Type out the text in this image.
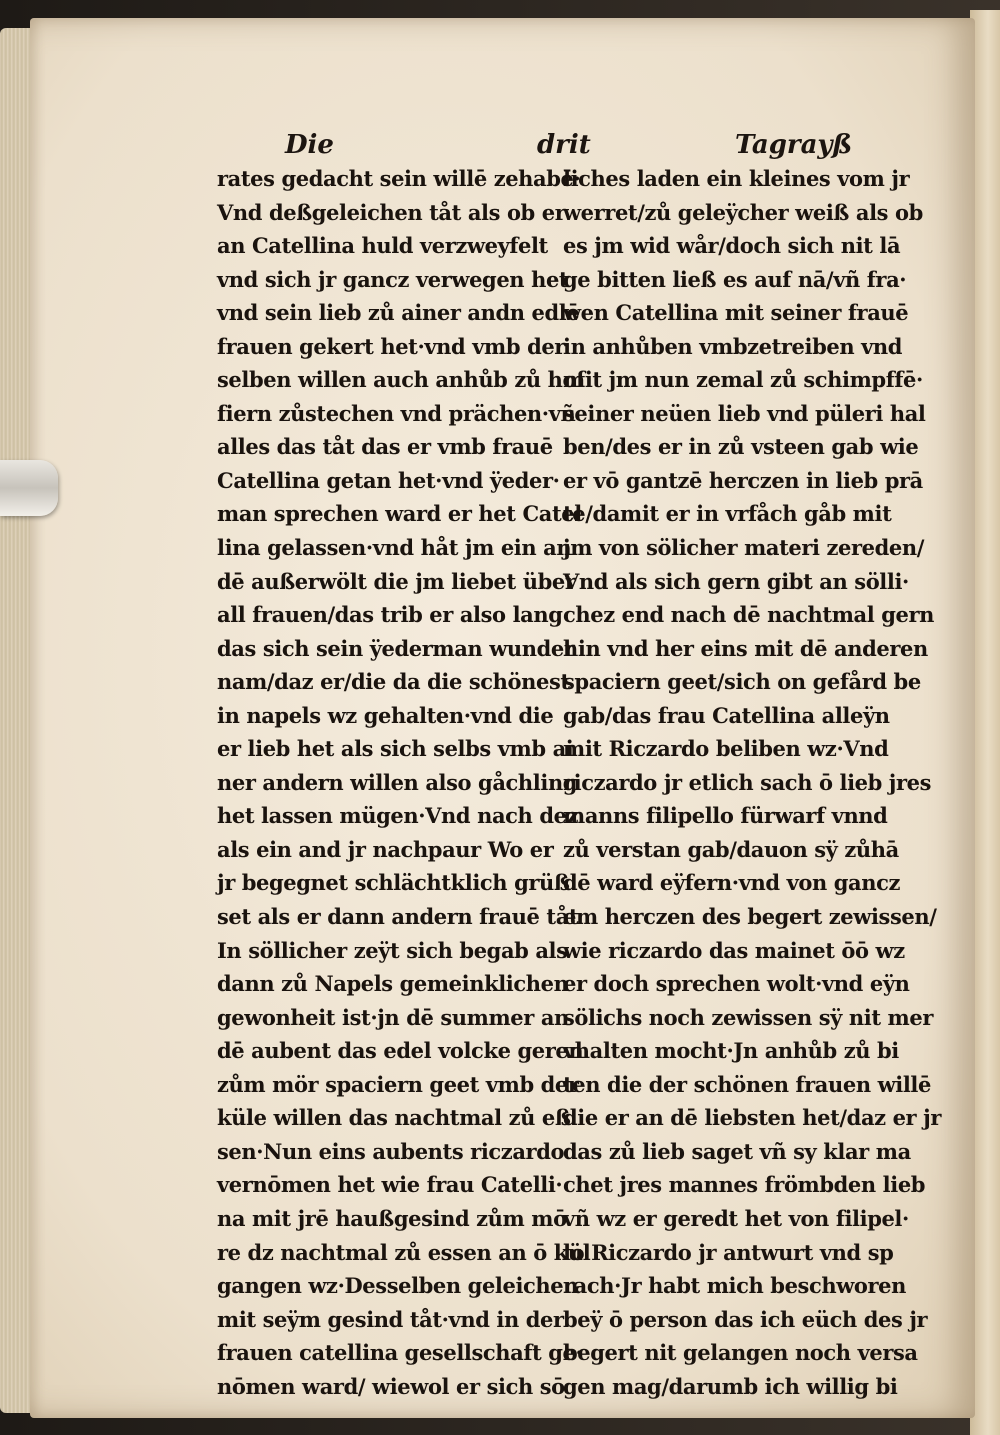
Die	drit	Tagrayß
rates gedacht sein willē zehabē·
Vnd deßgeleichen tåt als ob er
an Catellina huld verzweyfelt
vnd sich jr gancz verwegen het
vnd sein lieb zů ainer andn edlē
frauen gekert het·vnd vmb der
selben willen auch anhůb zů hof
fiern zůstechen vnd prächen·vñ
alles das tåt das er vmb frauē
Catellina getan het·vnd ÿeder·
man sprechen ward er het Catel
lina gelassen·vnd håt jm ein an
dē außerwölt die jm liebet über
all frauen/das trib er also lang
das sich sein ÿederman wunder
nam/daz er/die da die schönest
in napels wz gehalten·vnd die
er lieb het als sich selbs vmb ai
ner andern willen also gåchling
het lassen mügen·Vnd nach dez
als ein and jr nachpaur Wo er
jr begegnet schlächtklich grüß
set als er dann andern frauē tåt
In söllicher zeÿt sich begab als
dann zů Napels gemeinklichen
gewonheit ist·jn dē summer an
dē aubent das edel volcke geren
zům mör spaciern geet vmb der
küle willen das nachtmal zů eß
sen·Nun eins aubents riczardo
vernōmen het wie frau Catelli·
na mit jrē haußgesind zům mō
re dz nachtmal zů essen an ō kül
gangen wz·Desselben geleichen
mit seÿm gesind tåt·vnd in der
frauen catellina gesellschaft ge·
nōmen ward/ wiewol er sich sō
liches laden ein kleines vom jr
werret/zů geleÿcher weiß als ob
es jm wid wår/doch sich nit lā
ge bitten ließ es auf nā/vñ fra·
wen Catellina mit seiner frauē
in anhůben vmbzetreiben vnd
mit jm nun zemal zů schimpffē·
seiner neüen lieb vnd püleri hal
ben/des er in zů vsteen gab wie
er vō gantzē herczen in lieb prā
te/damit er in vrfåch gåb mit
jm von sölicher materi zereden/
Vnd als sich gern gibt an sölli·
chez end nach dē nachtmal gern
hin vnd her eins mit dē anderen
spaciern geet/sich on gefård be
gab/das frau Catellina alleÿn
mit Riczardo beliben wz·Vnd
riczardo jr etlich sach ō lieb jres
manns filipello fürwarf vnnd
zů verstan gab/dauon sÿ zůhā
dē ward eÿfern·vnd von gancz
em herczen des begert zewissen/
wie riczardo das mainet ōō wz
er doch sprechen wolt·vnd eÿn
sölichs noch zewissen sÿ nit mer
vhalten mocht·Jn anhůb zů bi
ten die der schönen frauen willē
die er an dē liebsten het/daz er jr
das zů lieb saget vñ sy klar ma
chet jres mannes frömbden lieb
vñ wz er geredt het von filipel·
lo Riczardo jr antwurt vnd sp
rach·Jr habt mich beschworen
beÿ ō person das ich eüch des jr
begert nit gelangen noch versa
gen mag/darumb ich willig bi
